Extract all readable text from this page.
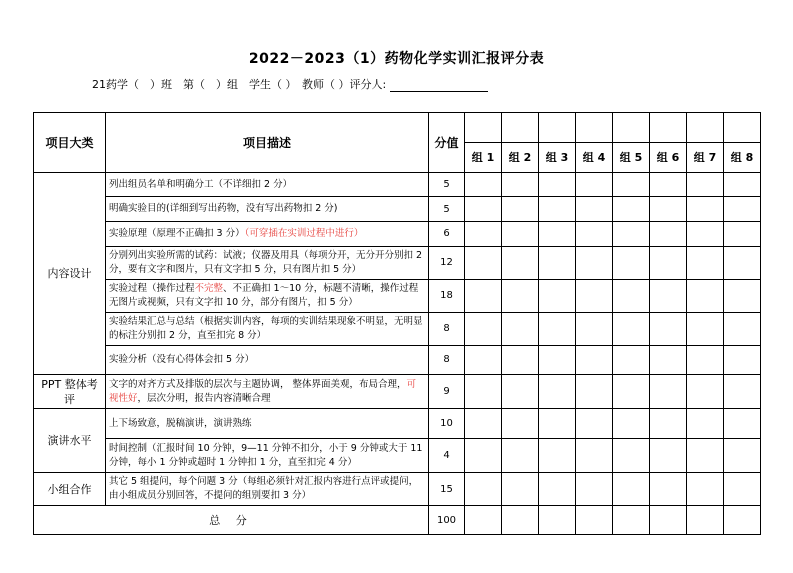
2022－2023（1）药物化学实训汇报评分表
21药学（　）班　第（　）组　学生（ ）　教师（ ）评分人:
项目大类	项目描述	分值								
			组 1	组 2	组 3	组 4	组 5	组 6	组 7	组 8
内容设计	列出组员名单和明确分工（不详细扣 2 分）	5								
	明确实验目的(详细到写出药物，没有写出药物扣 2 分)	5								
	实验原理（原理不正确扣 3 分）（可穿插在实训过程中进行）	6								
	分别列出实验所需的试药：试液；仪器及用具（每项分开，无分开分别扣 2 分，要有文字和图片，只有文字扣 5 分，只有图片扣 5 分）	12								
	实验过程（操作过程不完整、不正确扣 1～10 分，标题不清晰，操作过程无图片或视频，只有文字扣 10 分，部分有图片，扣 5 分）	18								
	实验结果汇总与总结（根据实训内容，每项的实训结果现象不明显，无明显的标注分别扣 2 分，直至扣完 8 分）	8								
	实验分析（没有心得体会扣 5 分）	8								
PPT 整体考评	文字的对齐方式及排版的层次与主题协调， 整体界面美观，布局合理，可视性好，层次分明，报告内容清晰合理	9								
演讲水平	上下场致意，脱稿演讲，演讲熟练	10								
	时间控制（汇报时间 10 分钟，9—11 分钟不扣分，小于 9 分钟或大于 11 分钟，每小 1 分钟或超时 1 分钟扣 1 分，直至扣完 4 分）	4								
小组合作	其它 5 组提问，每个问题 3 分（每组必须针对汇报内容进行点评或提问，由小组成员分别回答，不提问的组别要扣 3 分）	15								
总 分		100								
